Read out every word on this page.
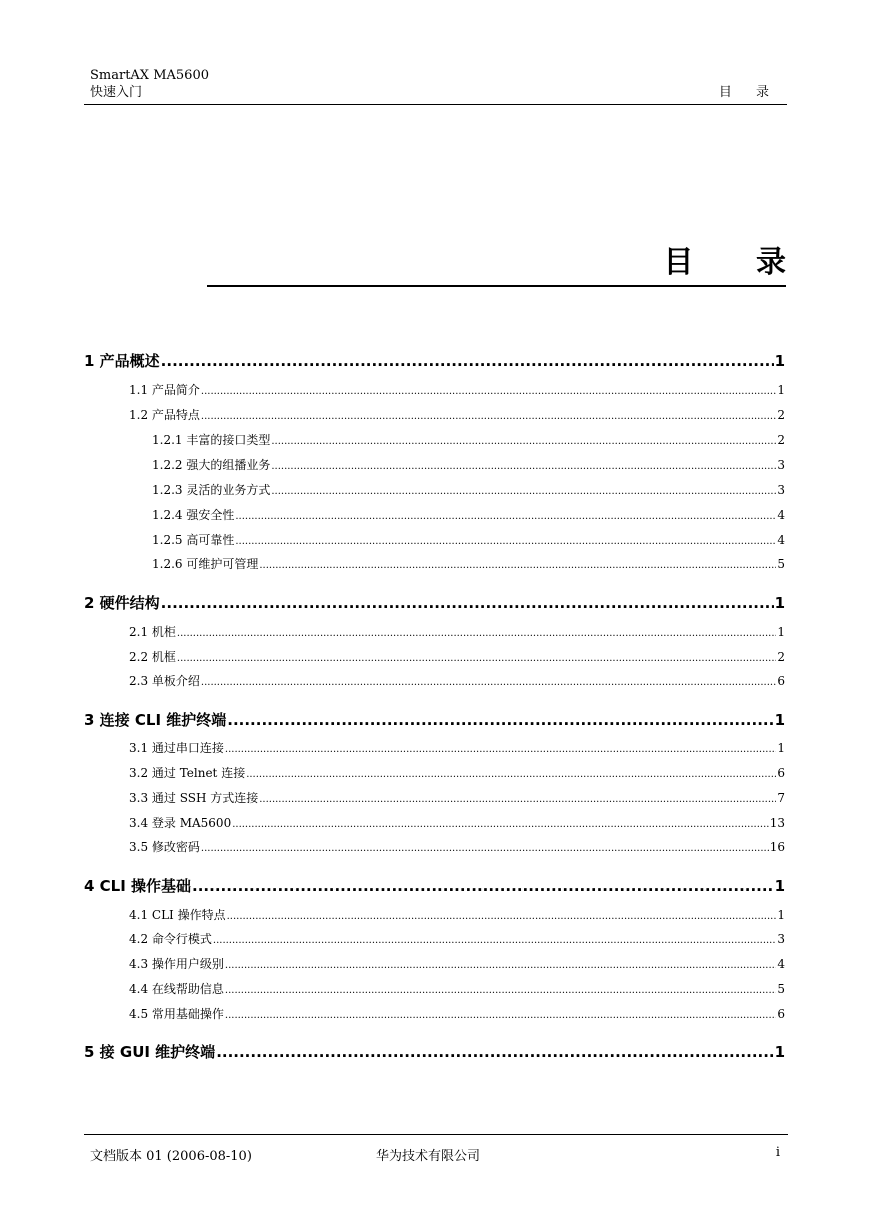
SmartAX MA5600
快速入门	目 录
目 录
1 产品概述 .....	1
1.1 产品简介 .....	1
1.2 产品特点 .....	2
1.2.1 丰富的接口类型 .....	2
1.2.2 强大的组播业务 .....	3
1.2.3 灵活的业务方式 .....	3
1.2.4 强安全性 .....	4
1.2.5 高可靠性 .....	4
1.2.6 可维护可管理 .....	5
2 硬件结构 .....	1
2.1 机柜 .....	1
2.2 机框 .....	2
2.3 单板介绍 .....	6
3 连接 CLI 维护终端 .....	1
3.1 通过串口连接 .....	1
3.2 通过 Telnet 连接 .....	6
3.3 通过 SSH 方式连接 .....	7
3.4 登录 MA5600 .....	13
3.5 修改密码 .....	16
4 CLI 操作基础 .....	1
4.1 CLI 操作特点 .....	1
4.2 命令行模式 .....	3
4.3 操作用户级别 .....	4
4.4 在线帮助信息 .....	5
4.5 常用基础操作 .....	6
5 接 GUI 维护终端 .....	1
文档版本 01 (2006-08-10)	华为技术有限公司	i
